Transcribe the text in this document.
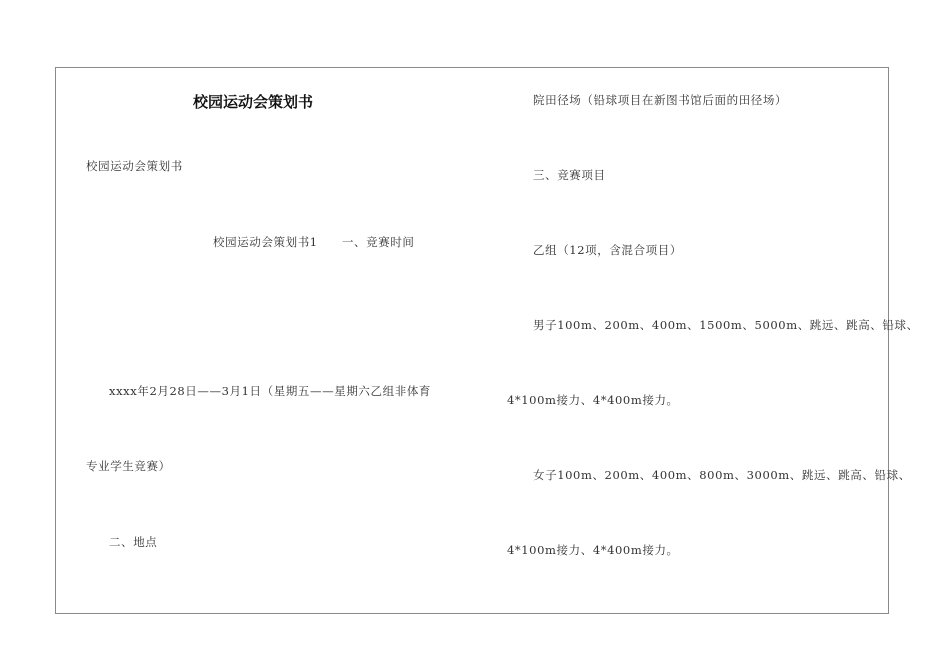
校园运动会策划书
校园运动会策划书
校园运动会策划书1　　一、竞赛时间
xxxx年2月28日——3月1日（星期五——星期六乙组非体育
专业学生竞赛）
二、地点
院田径场（铅球项目在新图书馆后面的田径场）
三、竞赛项目
乙组（12项，含混合项目）
男子100m、200m、400m、1500m、5000m、跳远、跳高、铅球、
4*100m接力、4*400m接力。
女子100m、200m、400m、800m、3000m、跳远、跳高、铅球、
4*100m接力、4*400m接力。
